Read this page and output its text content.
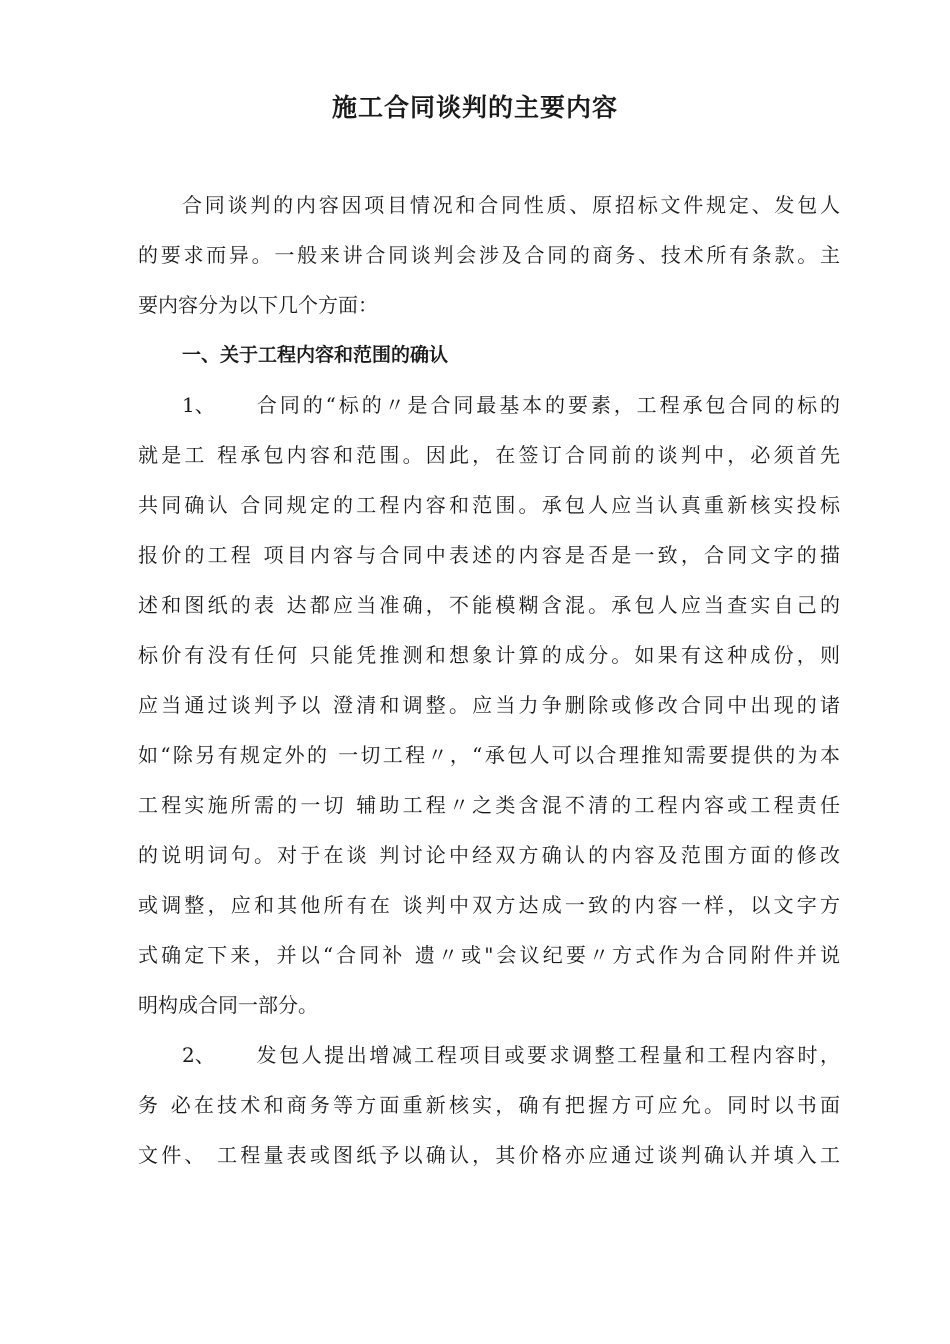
施工合同谈判的主要内容
合同谈判的内容因项目情况和合同性质、原招标文件规定、发包人
的要求而异。一般来讲合同谈判会涉及合同的商务、技术所有条款。主
要内容分为以下几个方面：
一、关于工程内容和范围的确认
1、 合同的“标的〃是合同最基本的要素，工程承包合同的标的
就是工 程承包内容和范围。因此，在签订合同前的谈判中，必须首先
共同确认 合同规定的工程内容和范围。承包人应当认真重新核实投标
报价的工程 项目内容与合同中表述的内容是否是一致，合同文字的描
述和图纸的表 达都应当准确，不能模糊含混。承包人应当查实自己的
标价有没有任何 只能凭推测和想象计算的成分。如果有这种成份，则
应当通过谈判予以 澄清和调整。应当力争删除或修改合同中出现的诸
如“除另有规定外的 一切工程〃，“承包人可以合理推知需要提供的为本
工程实施所需的一切 辅助工程〃之类含混不清的工程内容或工程责任
的说明词句。对于在谈 判讨论中经双方确认的内容及范围方面的修改
或调整，应和其他所有在 谈判中双方达成一致的内容一样，以文字方
式确定下来，并以“合同补 遗〃或"会议纪要〃方式作为合同附件并说
明构成合同一部分。
2、 发包人提出增减工程项目或要求调整工程量和工程内容时，
务 必在技术和商务等方面重新核实，确有把握方可应允。同时以书面
文件、 工程量表或图纸予以确认，其价格亦应通过谈判确认并填入工
